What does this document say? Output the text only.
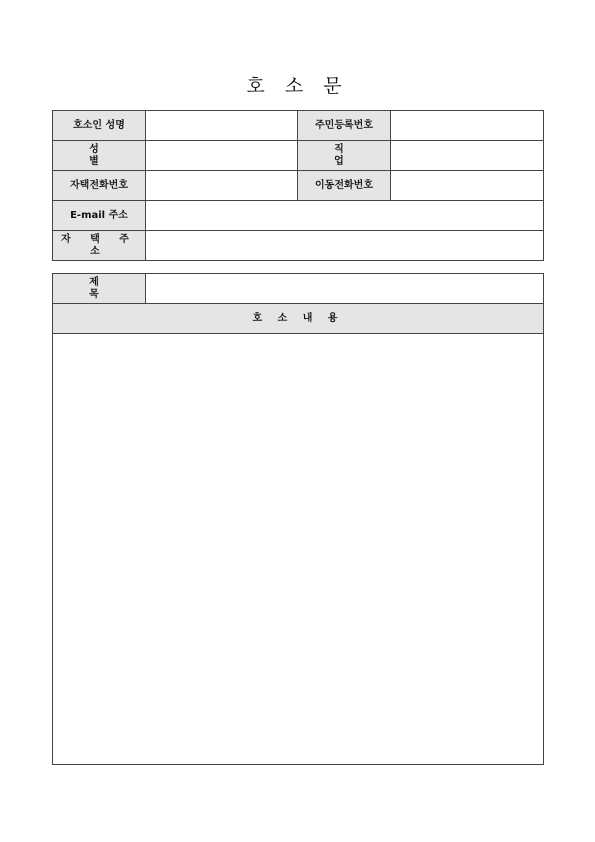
호 소 문
호소인 성명		주민등록번호	
성 별		직 업	
자택전화번호		이동전화번호	
E-mail 주소			
자 택 주 소			
제 목	
호 소 내 용
